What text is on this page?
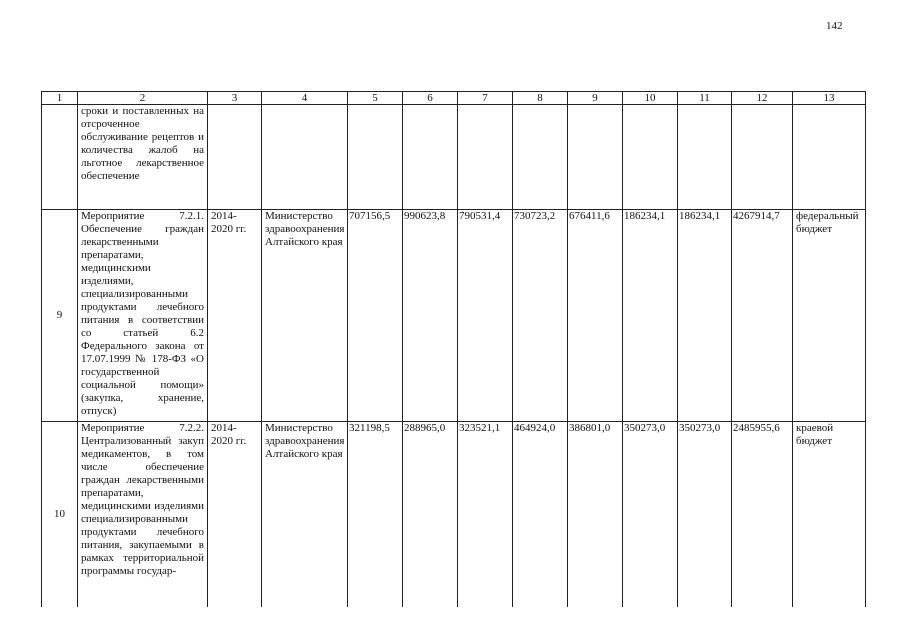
142
1	2	3	4	5	6	7	8	9	10	11	12	13
	сроки и поставленных на отсроченное обслуживание рецептов и количества жалоб на льготное лекарственное обеспечение											
9	Мероприятие 7.2.1. Обеспечение граждан лекарственными препаратами, медицинскими изделиями, специализированными продуктами лечебного питания в соответствии со статьей 6.2 Федерального закона от 17.07.1999 № 178-ФЗ «О государственной социальной помощи» (закупка, хранение, отпуск)	2014-2020 гг.	Министерство здравоохранения Алтайского края	707156,5	990623,8	790531,4	730723,2	676411,6	186234,1	186234,1	4267914,7	федеральный бюджет
10	Мероприятие 7.2.2. Централизованный закуп медикаментов, в том числе обеспечение граждан лекарственными препаратами, медицинскими изделиями специализированными продуктами лечебного питания, закупаемыми в рамках территориальной программы государ-	2014-2020 гг.	Министерство здравоохранения Алтайского края	321198,5	288965,0	323521,1	464924,0	386801,0	350273,0	350273,0	2485955,6	краевой бюджет
